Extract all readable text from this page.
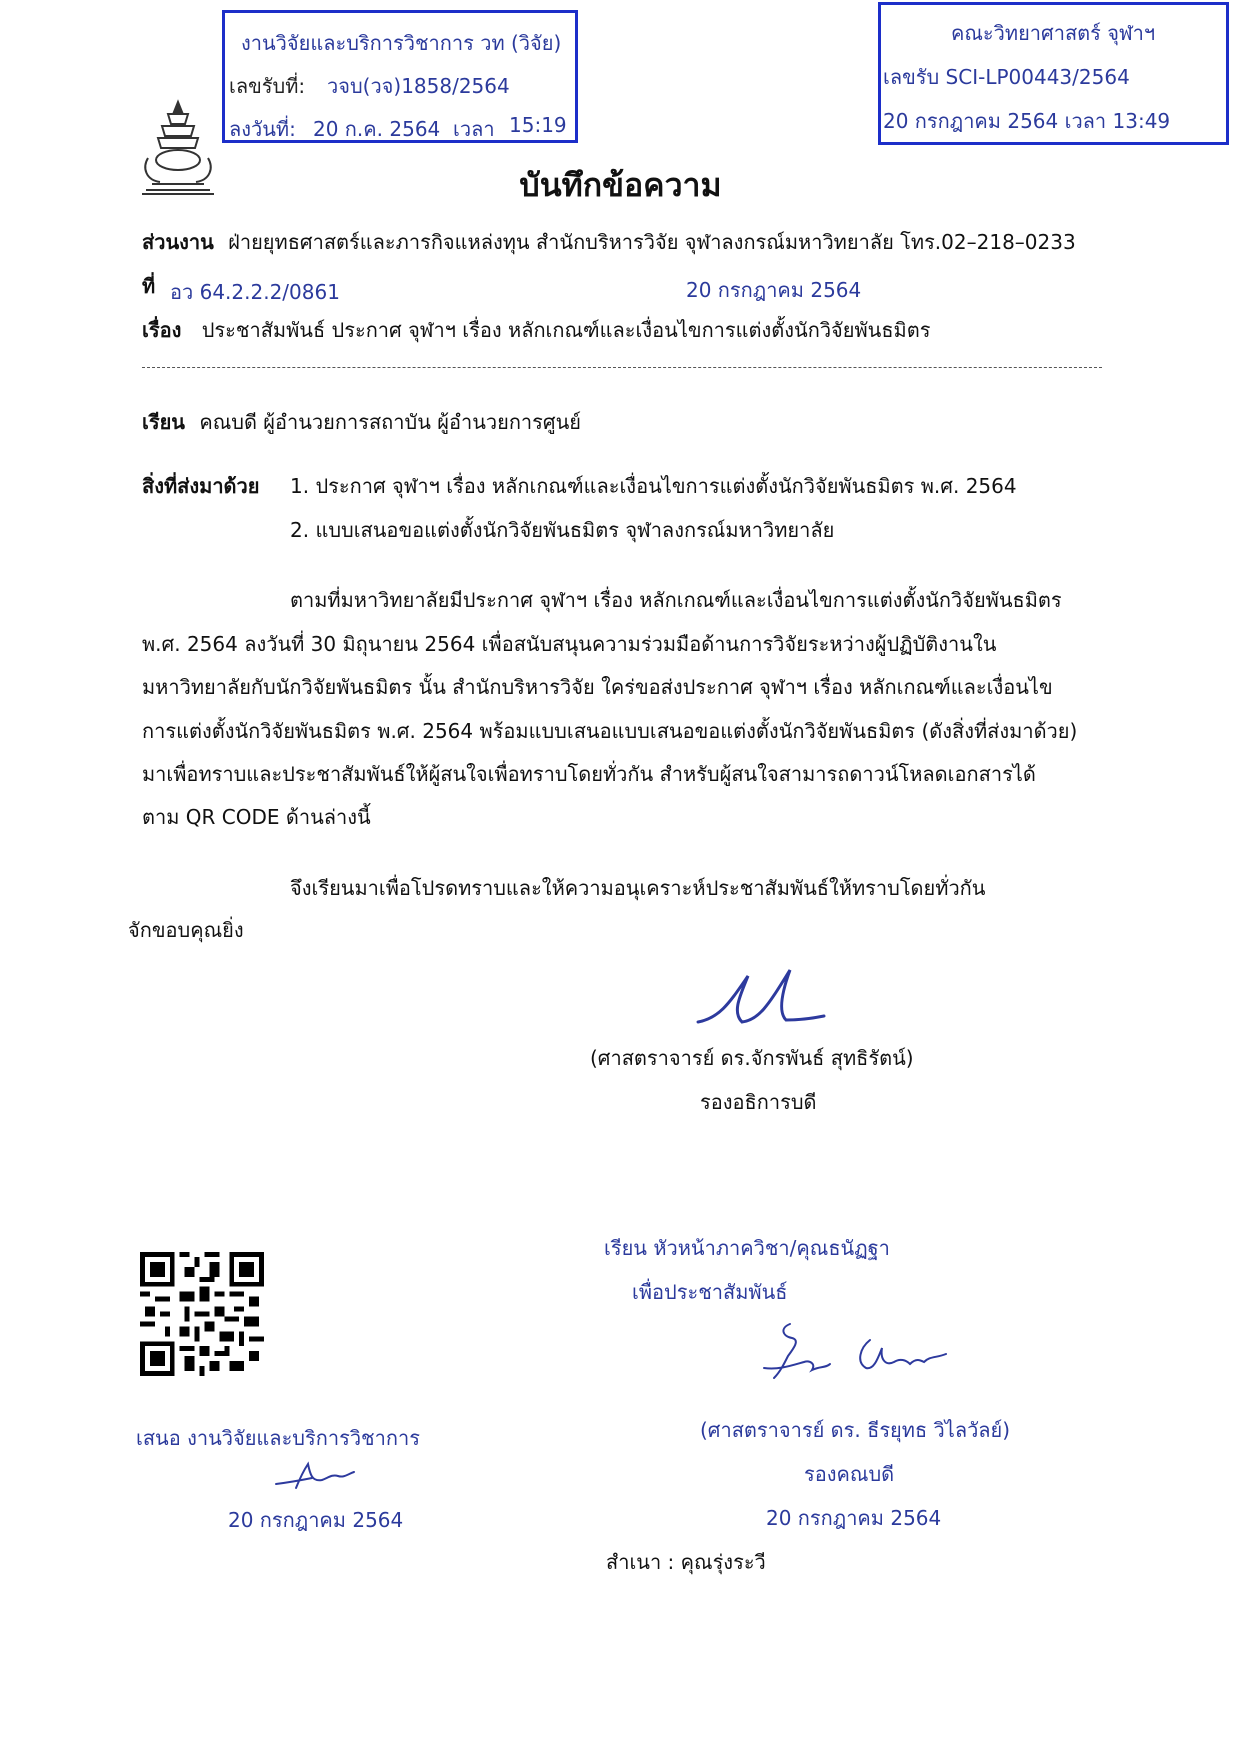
งานวิจัยและบริการวิชาการ วท (วิจัย)
เลขรับที่: วจบ(วจ)1858/2564
ลงวันที่: 20 ก.ค. 2564 เวลา 15:19
คณะวิทยาศาสตร์ จุฬาฯ
เลขรับ SCI-LP00443/2564
20 กรกฎาคม 2564 เวลา 13:49
บันทึกข้อความ
ส่วนงาน ฝ่ายยุทธศาสตร์และภารกิจแหล่งทุน สำนักบริหารวิจัย จุฬาลงกรณ์มหาวิทยาลัย โทร.02–218–0233
ที่ อว 64.2.2.2/0861	20 กรกฎาคม 2564
เรื่อง ประชาสัมพันธ์ ประกาศ จุฬาฯ เรื่อง หลักเกณฑ์และเงื่อนไขการแต่งตั้งนักวิจัยพันธมิตร
เรียน คณบดี ผู้อำนวยการสถาบัน ผู้อำนวยการศูนย์
สิ่งที่ส่งมาด้วย 1. ประกาศ จุฬาฯ เรื่อง หลักเกณฑ์และเงื่อนไขการแต่งตั้งนักวิจัยพันธมิตร พ.ศ. 2564
2. แบบเสนอขอแต่งตั้งนักวิจัยพันธมิตร จุฬาลงกรณ์มหาวิทยาลัย
ตามที่มหาวิทยาลัยมีประกาศ จุฬาฯ เรื่อง หลักเกณฑ์และเงื่อนไขการแต่งตั้งนักวิจัยพันธมิตร
พ.ศ. 2564 ลงวันที่ 30 มิถุนายน 2564 เพื่อสนับสนุนความร่วมมือด้านการวิจัยระหว่างผู้ปฏิบัติงานใน
มหาวิทยาลัยกับนักวิจัยพันธมิตร นั้น สำนักบริหารวิจัย ใคร่ขอส่งประกาศ จุฬาฯ เรื่อง หลักเกณฑ์และเงื่อนไข
การแต่งตั้งนักวิจัยพันธมิตร พ.ศ. 2564 พร้อมแบบเสนอแบบเสนอขอแต่งตั้งนักวิจัยพันธมิตร (ดังสิ่งที่ส่งมาด้วย)
มาเพื่อทราบและประชาสัมพันธ์ให้ผู้สนใจเพื่อทราบโดยทั่วกัน สำหรับผู้สนใจสามารถดาวน์โหลดเอกสารได้
ตาม QR CODE ด้านล่างนี้
จึงเรียนมาเพื่อโปรดทราบและให้ความอนุเคราะห์ประชาสัมพันธ์ให้ทราบโดยทั่วกัน
จักขอบคุณยิ่ง
(ศาสตราจารย์ ดร.จักรพันธ์ สุทธิรัตน์)
รองอธิการบดี
เสนอ งานวิจัยและบริการวิชาการ
20 กรกฎาคม 2564
เรียน หัวหน้าภาควิชา/คุณธนัฏฐา
เพื่อประชาสัมพันธ์
(ศาสตราจารย์ ดร. ธีรยุทธ วิไลวัลย์)
รองคณบดี
20 กรกฎาคม 2564
สำเนา : คุณรุ่งระวี
